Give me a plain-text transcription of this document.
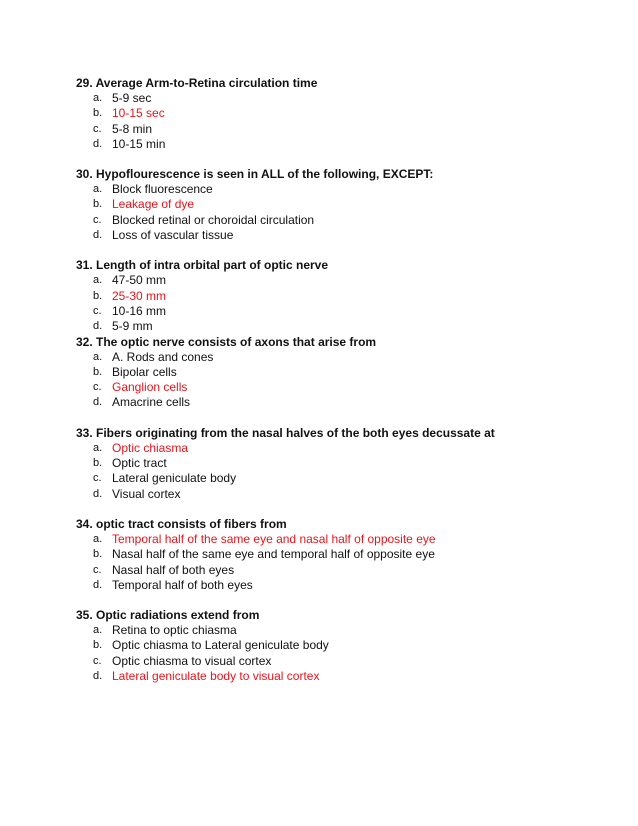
29. Average Arm-to-Retina circulation time
a. 5-9 sec
b. 10-15 sec
c. 5-8 min
d. 10-15 min
30. Hypoflourescence is seen in ALL of the following, EXCEPT:
a. Block fluorescence
b. Leakage of dye
c. Blocked retinal or choroidal circulation
d. Loss of vascular tissue
31. Length of intra orbital part of optic nerve
a. 47-50 mm
b. 25-30 mm
c. 10-16 mm
d. 5-9 mm
32. The optic nerve consists of axons that arise from
a. A. Rods and cones
b. Bipolar cells
c. Ganglion cells
d. Amacrine cells
33. Fibers originating from the nasal halves of the both eyes decussate at
a. Optic chiasma
b. Optic tract
c. Lateral geniculate body
d. Visual cortex
34. optic tract consists of fibers from
a. Temporal half of the same eye and nasal half of opposite eye
b. Nasal half of the same eye and temporal half of opposite eye
c. Nasal half of both eyes
d. Temporal half of both eyes
35. Optic radiations extend from
a. Retina to optic chiasma
b. Optic chiasma to Lateral geniculate body
c. Optic chiasma to visual cortex
d. Lateral geniculate body to visual cortex
